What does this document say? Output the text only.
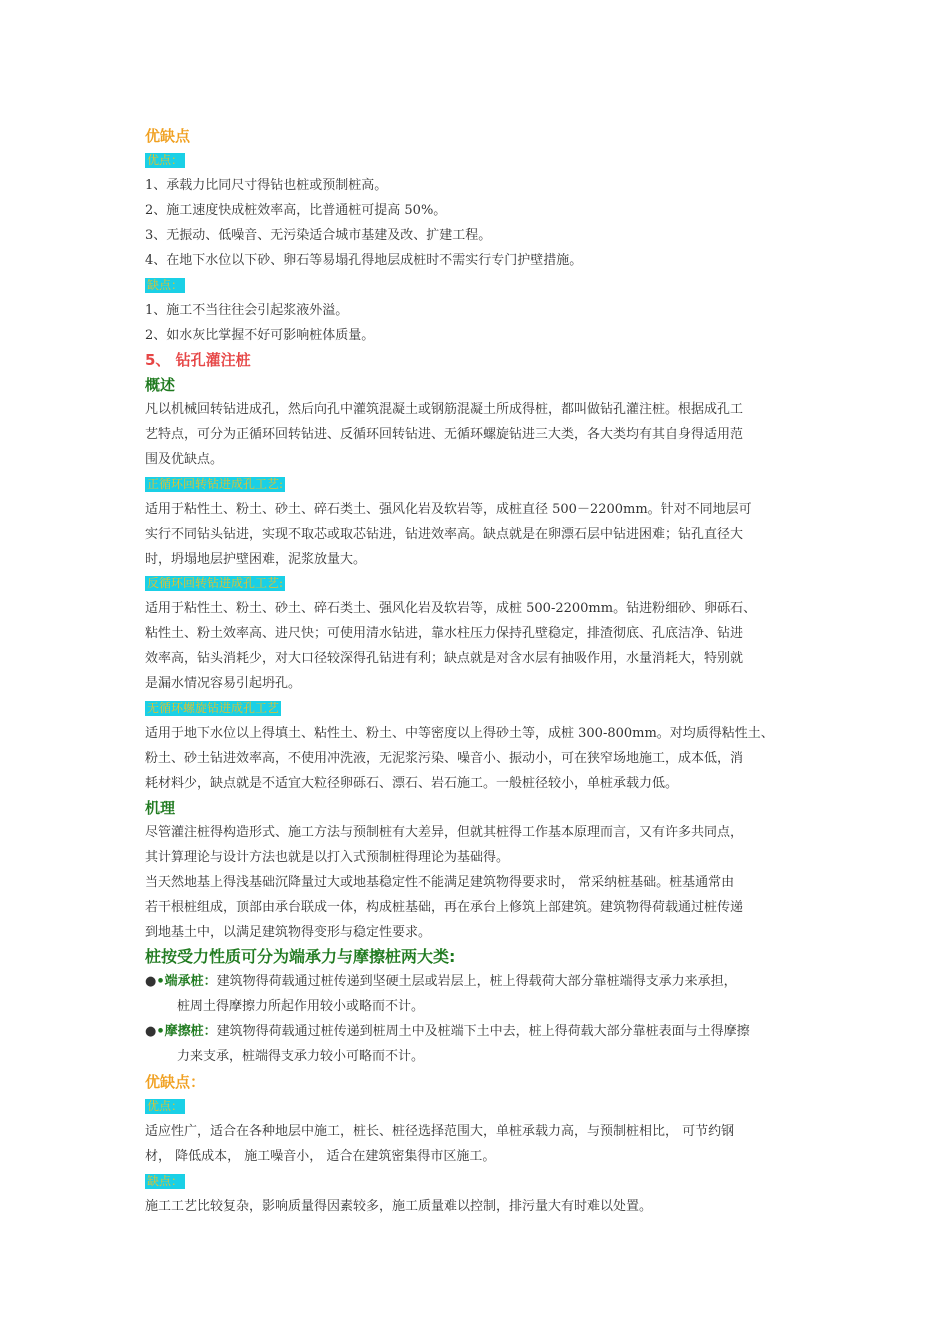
优缺点
优点：
1、承载力比同尺寸得钻也桩或预制桩高。
2、施工速度快成桩效率高，比普通桩可提高 50%。
3、无振动、低噪音、无污染适合城市基建及改、扩建工程。
4、在地下水位以下砂、卵石等易塌孔得地层成桩时不需实行专门护壁措施。
缺点：
1、施工不当往往会引起浆液外溢。
2、如水灰比掌握不好可影响桩体质量。
5、 钻孔灌注桩
概述
凡以机械回转钻进成孔，然后向孔中灌筑混凝土或钢筋混凝土所成得桩，都叫做钻孔灌注桩。根据成孔工
艺特点，可分为正循环回转钻进、反循环回转钻进、无循环螺旋钻进三大类，各大类均有其自身得适用范
围及优缺点。
正循环回转钻进成孔工艺:
适用于粘性土、粉土、砂土、碎石类土、强风化岩及软岩等，成桩直径 500－2200mm。针对不同地层可
实行不同钻头钻进，实现不取芯或取芯钻进，钻进效率高。缺点就是在卵漂石层中钻进困难；钻孔直径大
时，坍塌地层护壁困难，泥浆放量大。
反循环回转钻进成孔工艺:
适用于粘性土、粉土、砂土、碎石类土、强风化岩及软岩等，成桩 500-2200mm。钻进粉细砂、卵砾石、
粘性土、粉土效率高、进尺快；可使用清水钻进，靠水柱压力保持孔壁稳定，排渣彻底、孔底洁净、钻进
效率高，钻头消耗少，对大口径较深得孔钻进有利；缺点就是对含水层有抽吸作用，水量消耗大，特别就
是漏水情况容易引起坍孔。
无循环螺旋钻进成孔工艺
适用于地下水位以上得填土、粘性土、粉土、中等密度以上得砂土等，成桩 300-800mm。对均质得粘性土、
粉土、砂土钻进效率高，不使用冲洗液，无泥浆污染、噪音小、振动小，可在狭窄场地施工，成本低，消
耗材料少，缺点就是不适宜大粒径卵砾石、漂石、岩石施工。一般桩径较小，单桩承载力低。
机理
尽管灌注桩得构造形式、施工方法与预制桩有大差异，但就其桩得工作基本原理而言，又有许多共同点，
其计算理论与设计方法也就是以打入式预制桩得理论为基础得。
当天然地基上得浅基础沉降量过大或地基稳定性不能满足建筑物得要求时， 常采纳桩基础。桩基通常由
若干根桩组成，顶部由承台联成一体，构成桩基础，再在承台上修筑上部建筑。建筑物得荷载通过桩传递
到地基土中，以满足建筑物得变形与稳定性要求。
桩按受力性质可分为端承力与摩擦桩两大类:
●•端承桩：建筑物得荷载通过桩传递到坚硬土层或岩层上，桩上得载荷大部分靠桩端得支承力来承担，
桩周土得摩擦力所起作用较小或略而不计。
●•摩擦桩：建筑物得荷载通过桩传递到桩周土中及桩端下土中去，桩上得荷载大部分靠桩表面与土得摩擦
力来支承，桩端得支承力较小可略而不计。
优缺点：
优点：
适应性广，适合在各种地层中施工，桩长、桩径选择范围大，单桩承载力高，与预制桩相比， 可节约钢
材， 降低成本， 施工噪音小， 适合在建筑密集得市区施工。
缺点：
施工工艺比较复杂，影响质量得因素较多，施工质量难以控制，排污量大有时难以处置。
